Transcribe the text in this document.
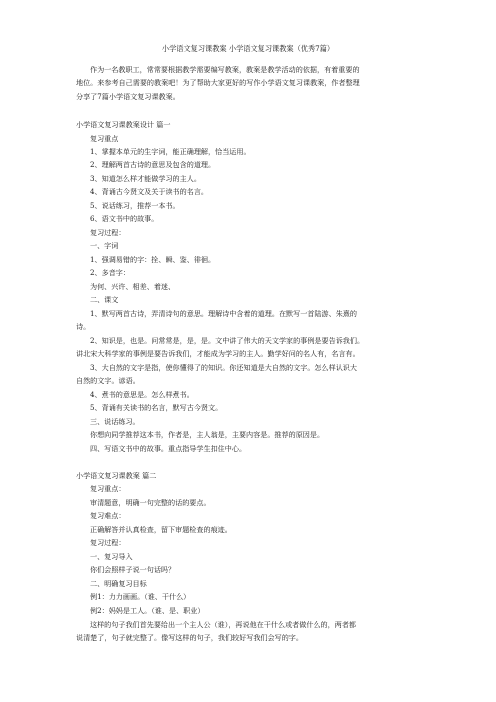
小学语文复习课教案 小学语文复习课教案（优秀7篇）
作为一名教职工，常常要根据教学需要编写教案，教案是教学活动的依据，有着重要的
地位。来参考自己需要的教案吧！为了帮助大家更好的写作小学语文复习课教案，作者整理
分享了7篇小学语文复习课教案。
小学语文复习课教案设计 篇一
复习重点
1、掌握本单元的生字词，能正确理解，恰当运用。
2、理解两首古诗的意思及包含的道理。
3、知道怎么样才能做学习的主人。
4、背诵古今贤文及关于读书的名言。
5、说话练习，推荐一本书。
6、语文书中的故事。
复习过程：
一、字词
1、强调易错的字：拴、瞬、鉴、徘徊。
2、多音字：
为何、兴许、相差、着迷、
二、课文
1、默写两首古诗，弄清诗句的意思。理解诗中含着的道理。在默写一首陆游、朱熹的
诗。
2、知识是，也是。问常常是，是，是。文中讲了伟大的天文学家的事例是要告诉我们。
讲北宋大科学家的事例是要告诉我们，才能成为学习的主人。勤学好问的名人有，名言有。
3、大自然的文字是指，使你懂得了的知识。你还知道是大自然的文字。怎么样认识大
自然的文字。谚语。
4、煮书的意思是。怎么样煮书。
5、背诵有关读书的名言，默写古今贤文。
三、说话练习。
你想向同学推荐这本书，作者是，主人翁是，主要内容是。推荐的原因是。
四、写语文书中的故事。重点指导学生扣住中心。
小学语文复习课教案 篇二
复习重点：
审清题意，明确一句完整的话的要点。
复习难点：
正确解答并认真检查，留下审题检查的痕迹。
复习过程：
一、复习导入
你们会照样子说一句话吗？
二、明确复习目标
例1：力力画画。（谁、干什么）
例2：妈妈是工人。（谁、是、职业）
这样的句子我们首先要给出一个主人公（谁），再说他在干什么或者做什么的，两者都
说清楚了，句子就完整了。像写这样的句子，我们较好写我们会写的字。
